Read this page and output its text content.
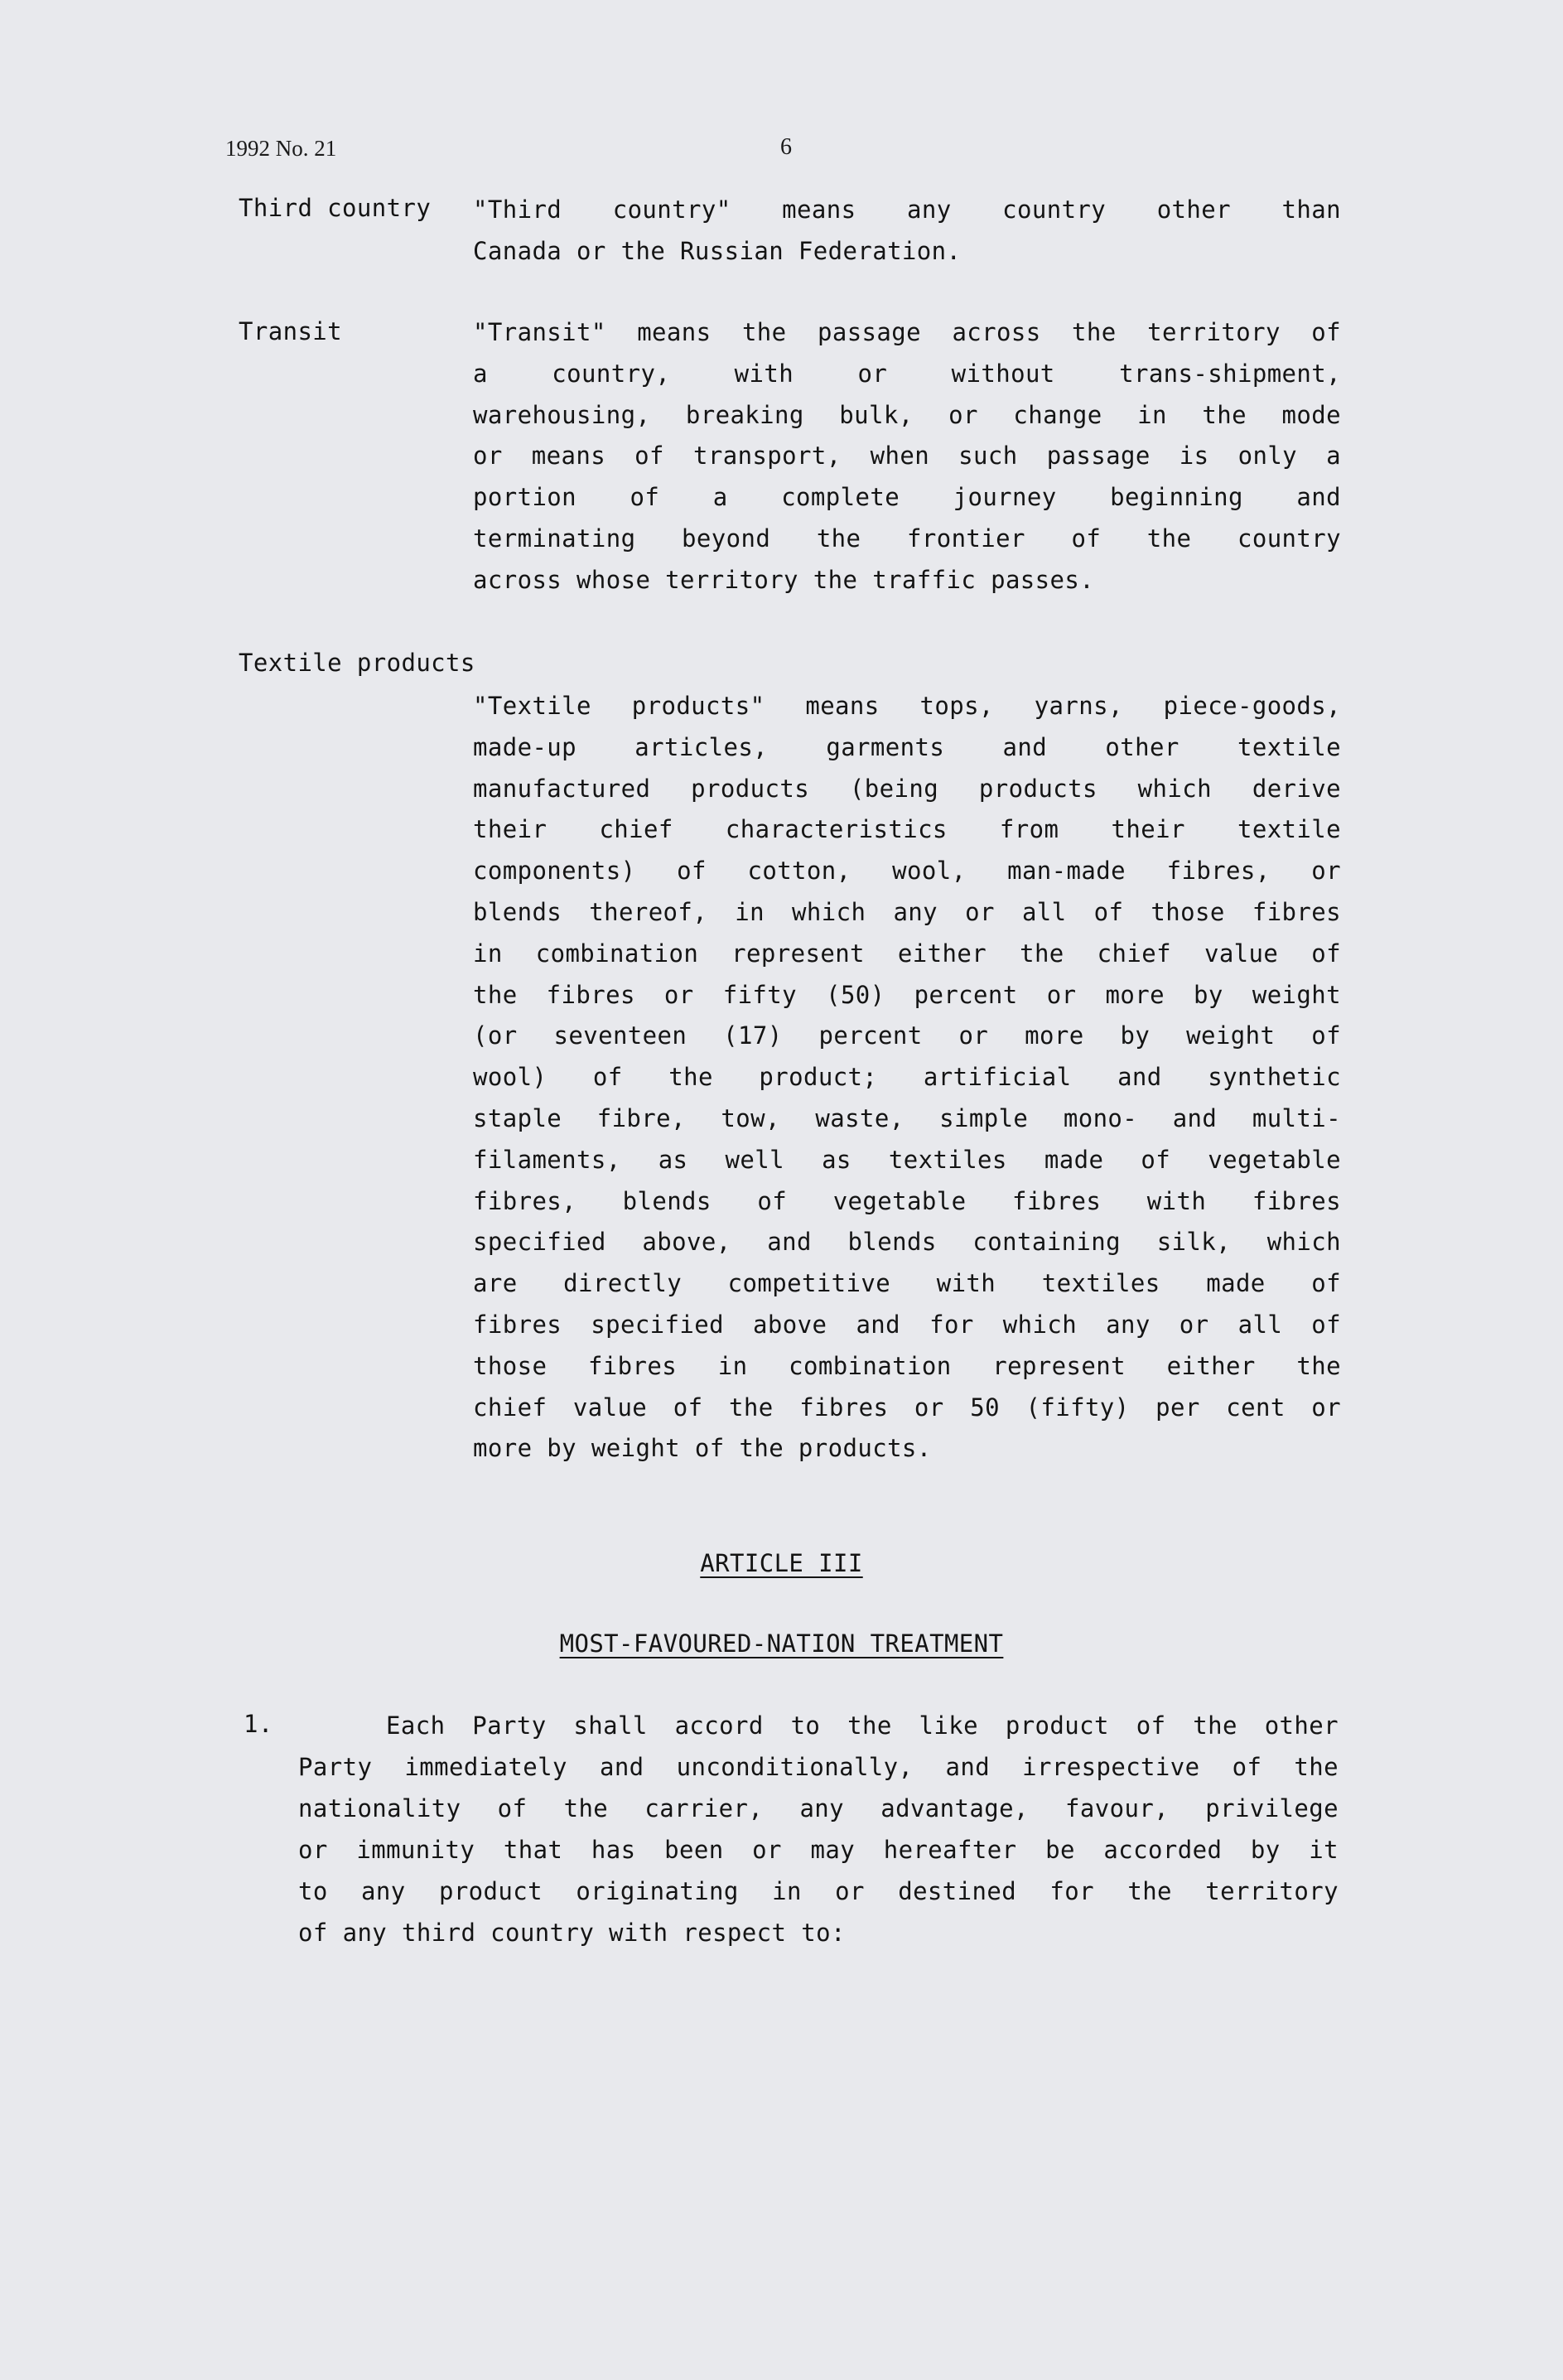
1992 No. 21	6
Third country "Third country" means any country other than
Canada or the Russian Federation.
Transit	"Transit" means the passage across the territory of
a country, with or without trans-shipment,
warehousing, breaking bulk, or change in the mode
or means of transport, when such passage is only a
portion of a complete journey beginning and
terminating beyond the frontier of the country
across whose territory the traffic passes.
Textile products
"Textile products" means tops, yarns, piece-goods,
made-up articles, garments and other textile
manufactured products (being products which derive
their chief characteristics from their textile
components) of cotton, wool, man-made fibres, or
blends thereof, in which any or all of those fibres
in combination represent either the chief value of
the fibres or fifty (50) percent or more by weight
(or seventeen (17) percent or more by weight of
wool) of the product; artificial and synthetic
staple fibre, tow, waste, simple mono- and multi-
filaments, as well as textiles made of vegetable
fibres, blends of vegetable fibres with fibres
specified above, and blends containing silk, which
are directly competitive with textiles made of
fibres specified above and for which any or all of
those fibres in combination represent either the
chief value of the fibres or 50 (fifty) per cent or
more by weight of the products.
ARTICLE III
MOST-FAVOURED-NATION TREATMENT
1.	Each Party shall accord to the like product of the other
Party immediately and unconditionally, and irrespective of the
nationality of the carrier, any advantage, favour, privilege
or immunity that has been or may hereafter be accorded by it
to any product originating in or destined for the territory
of any third country with respect to:
